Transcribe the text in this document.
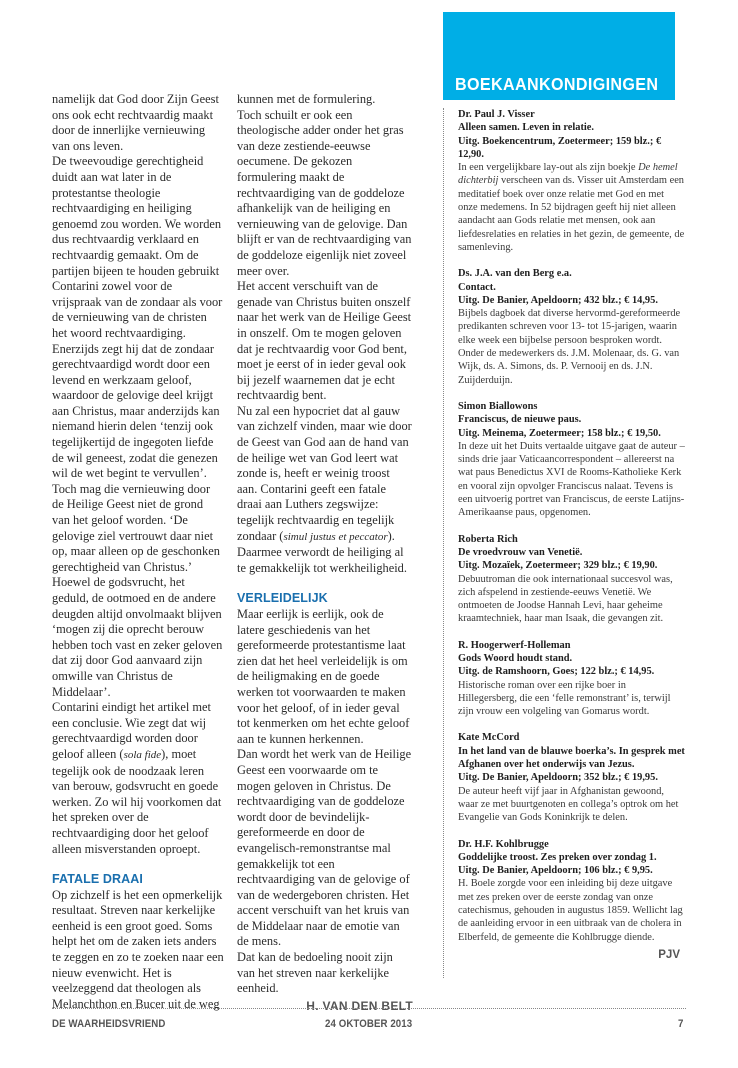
namelijk dat God door Zijn Geest ons ook echt rechtvaardig maakt door de innerlijke vernieuwing van ons leven.

De tweevoudige gerechtigheid duidt aan wat later in de protestantse theologie rechtvaardiging en heiliging genoemd zou worden. We worden dus rechtvaardig verklaard en rechtvaardig gemaakt. Om de partijen bijeen te houden gebruikt Contarini zowel voor de vrijspraak van de zondaar als voor de vernieuwing van de christen het woord rechtvaardiging.

Enerzijds zegt hij dat de zondaar gerechtvaardigd wordt door een levend en werkzaam geloof, waardoor de gelovige deel krijgt aan Christus, maar anderzijds kan niemand hierin delen ‘tenzij ook tegelijkertijd de ingegoten liefde de wil geneest, zodat die genezen wil de wet begint te vervullen’.

Toch mag die vernieuwing door de Heilige Geest niet de grond van het geloof worden. ‘De gelovige ziel vertrouwt daar niet op, maar alleen op de geschonken gerechtigheid van Christus.’

Hoewel de godsvrucht, het geduld, de ootmoed en de andere deugden altijd onvolmaakt blijven ‘mogen zij die oprecht berouw hebben toch vast en zeker geloven dat zij door God aanvaard zijn omwille van Christus de Middelaar’.

Contarini eindigt het artikel met een conclusie. Wie zegt dat wij gerechtvaardigd worden door geloof alleen (sola fide), moet tegelijk ook de noodzaak leren van berouw, godsvrucht en goede werken. Zo wil hij voorkomen dat het spreken over de rechtvaardiging door het geloof alleen misverstanden oproept.

FATALE DRAAI

Op zichzelf is het een opmerkelijk resultaat. Streven naar kerkelijke eenheid is een groot goed. Soms helpt het om de zaken iets anders te zeggen en zo te zoeken naar een nieuw evenwicht. Het is veelzeggend dat theologen als Melanchthon en Bucer uit de weg

kunnen met de formulering.

Toch schuilt er ook een theologische adder onder het gras van deze zestiende-eeuwse oecumene. De gekozen formulering maakt de rechtvaardiging van de goddeloze afhankelijk van de heiliging en vernieuwing van de gelovige. Dan blijft er van de rechtvaardiging van de goddeloze eigenlijk niet zoveel meer over.

Het accent verschuift van de genade van Christus buiten onszelf naar het werk van de Heilige Geest in onszelf. Om te mogen geloven dat je rechtvaardig voor God bent, moet je eerst of in ieder geval ook bij jezelf waarnemen dat je echt rechtvaardig bent.

Nu zal een hypocriet dat al gauw van zichzelf vinden, maar wie door de Geest van God aan de hand van de heilige wet van God leert wat zonde is, heeft er weinig troost aan. Contarini geeft een fatale draai aan Luthers zegswijze: tegelijk rechtvaardig en tegelijk zondaar (simul justus et peccator). Daarmee verwordt de heiliging al te gemakkelijk tot werkheiligheid.

VERLEIDELIJK

Maar eerlijk is eerlijk, ook de latere geschiedenis van het gereformeerde protestantisme laat zien dat het heel verleidelijk is om de heiligmaking en de goede werken tot voorwaarden te maken voor het geloof, of in ieder geval tot kenmerken om het echte geloof aan te kunnen herkennen.

Dan wordt het werk van de Heilige Geest een voorwaarde om te mogen geloven in Christus. De rechtvaardiging van de goddeloze wordt door de bevindelijk-gereformeerde en door de evangelisch-remonstrantse mal gemakkelijk tot een rechtvaardiging van de gelovige of van de wedergeboren christen. Het accent verschuift van het kruis van de Middelaar naar de emotie van de mens.

Dat kan de bedoeling nooit zijn van het streven naar kerkelijke eenheid.

H. VAN DEN BELT
BOEKAANKONDIGINGEN
Dr. Paul J. Visser
Alleen samen. Leven in relatie.
Uitg. Boekencentrum, Zoetermeer; 159 blz.; € 12,90.
In een vergelijkbare lay-out als zijn boekje De hemel dichterbij verscheen van ds. Visser uit Amsterdam een meditatief boek over onze relatie met God en met onze medemens. In 52 bijdragen geeft hij niet alleen aandacht aan Gods relatie met mensen, ook aan liefdesrelaties en relaties in het gezin, de gemeente, de samenleving.
Ds. J.A. van den Berg e.a.
Contact.
Uitg. De Banier, Apeldoorn; 432 blz.; € 14,95.
Bijbels dagboek dat diverse hervormd-gereformeerde predikanten schreven voor 13- tot 15-jarigen, waarin elke week een bijbelse persoon besproken wordt. Onder de medewerkers ds. J.M. Molenaar, ds. G. van Wijk, ds. A. Simons, ds. P. Vernooij en ds. J.N. Zuijderduijn.
Simon Biallowons
Franciscus, de nieuwe paus.
Uitg. Meinema, Zoetermeer; 158 blz.; € 19,50.
In deze uit het Duits vertaalde uitgave gaat de auteur – sinds drie jaar Vaticaancorrespondent – allereerst na wat paus Benedictus XVI de Rooms-Katholieke Kerk en vooral zijn opvolger Franciscus nalaat. Tevens is een uitvoerig portret van Franciscus, de eerste Latijns-Amerikaanse paus, opgenomen.
Roberta Rich
De vroedvrouw van Venetië.
Uitg. Mozaïek, Zoetermeer; 329 blz.; € 19,90.
Debuutroman die ook internationaal succesvol was, zich afspelend in zestiende-eeuws Venetië. We ontmoeten de Joodse Hannah Levi, haar geheime kraamtechniek, haar man Isaak, die gevangen zit.
R. Hoogerwerf-Holleman
Gods Woord houdt stand.
Uitg. de Ramshoorn, Goes; 122 blz.; € 14,95.
Historische roman over een rijke boer in Hillegersberg, die een ‘felle remonstrant’ is, terwijl zijn vrouw een volgeling van Gomarus wordt.
Kate McCord
In het land van de blauwe boerka’s. In gesprek met Afghanen over het onderwijs van Jezus.
Uitg. De Banier, Apeldoorn; 352 blz.; € 19,95.
De auteur heeft vijf jaar in Afghanistan gewoond, waar ze met buurtgenoten en collega’s optrok om het Evangelie van Gods Koninkrijk te delen.
Dr. H.F. Kohlbrugge
Goddelijke troost. Zes preken over zondag 1.
Uitg. De Banier, Apeldoorn; 106 blz.; € 9,95.
H. Boele zorgde voor een inleiding bij deze uitgave met zes preken over de eerste zondag van onze catechismus, gehouden in augustus 1859. Wellicht lag de aanleiding ervoor in een uitbraak van de cholera in Elberfeld, de gemeente die Kohlbrugge diende.
PJV
DE WAARHEIDSVRIEND	24 OKTOBER 2013	7
